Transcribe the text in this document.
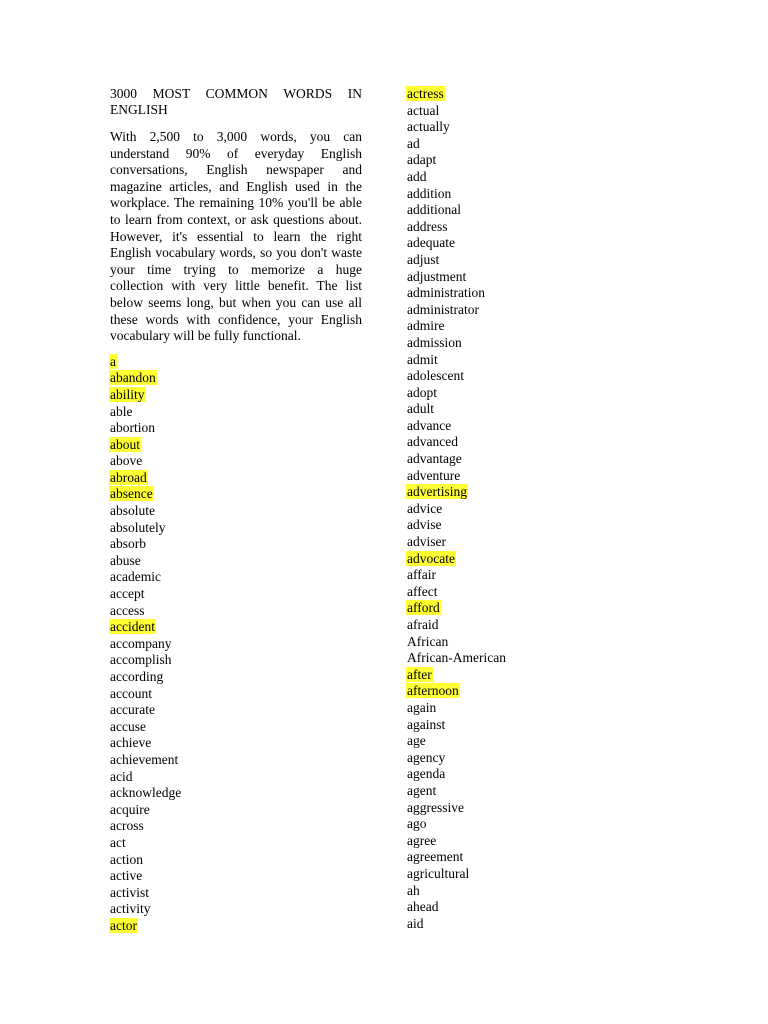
3000 MOST COMMON WORDS IN ENGLISH

With 2,500 to 3,000 words, you can understand 90% of everyday English conversations, English newspaper and magazine articles, and English used in the workplace. The remaining 10% you'll be able to learn from context, or ask questions about. However, it's essential to learn the right English vocabulary words, so you don't waste your time trying to memorize a huge collection with very little benefit. The list below seems long, but when you can use all these words with confidence, your English vocabulary will be fully functional.

a
abandon
ability
able
abortion
about
above
abroad
absence
absolute
absolutely
absorb
abuse
academic
accept
access
accident
accompany
accomplish
according
account
accurate
accuse
achieve
achievement
acid
acknowledge
acquire
across
act
action
active
activist
activity
actor
actress
actual
actually
ad
adapt
add
addition
additional
address
adequate
adjust
adjustment
administration
administrator
admire
admission
admit
adolescent
adopt
adult
advance
advanced
advantage
adventure
advertising
advice
advise
adviser
advocate
affair
affect
afford
afraid
African
African-American
after
afternoon
again
against
age
agency
agenda
agent
aggressive
ago
agree
agreement
agricultural
ah
ahead
aid
